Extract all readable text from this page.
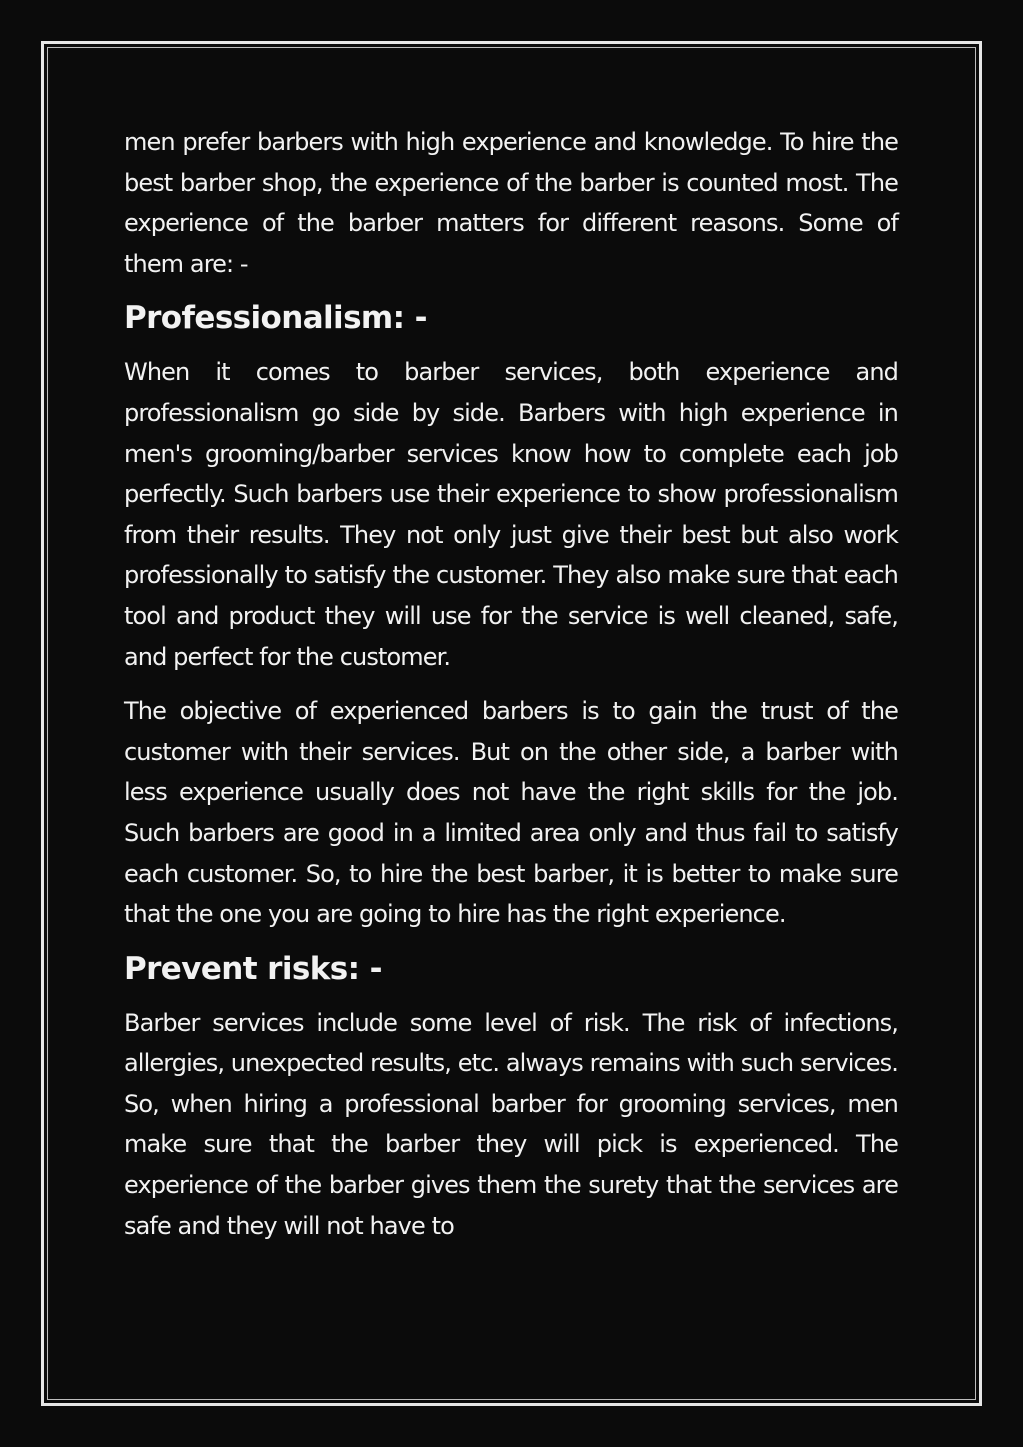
men prefer barbers with high experience and knowledge. To hire the best barber shop, the experience of the barber is counted most. The experience of the barber matters for different reasons. Some of them are: -

Professionalism: -

When it comes to barber services, both experience and professionalism go side by side. Barbers with high experience in men's grooming/barber services know how to complete each job perfectly. Such barbers use their experience to show professionalism from their results. They not only just give their best but also work professionally to satisfy the customer. They also make sure that each tool and product they will use for the service is well cleaned, safe, and perfect for the customer.

The objective of experienced barbers is to gain the trust of the customer with their services. But on the other side, a barber with less experience usually does not have the right skills for the job. Such barbers are good in a limited area only and thus fail to satisfy each customer. So, to hire the best barber, it is better to make sure that the one you are going to hire has the right experience.

Prevent risks: -

Barber services include some level of risk. The risk of infections, allergies, unexpected results, etc. always remains with such services. So, when hiring a professional barber for grooming services, men make sure that the barber they will pick is experienced. The experience of the barber gives them the surety that the services are safe and they will not have to
